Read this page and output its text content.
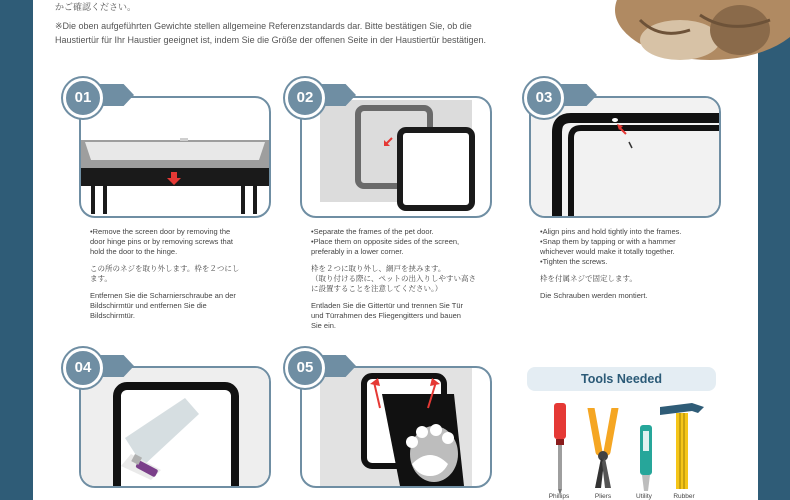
かご確認ください。
※Die oben aufgeführten Gewichte stellen allgemeine Referenzstandards dar. Bitte bestätigen Sie, ob die
Haustiertür für Ihr Haustier geeignet ist, indem Sie die Größe der offenen Seite in der Haustiertür bestätigen.
01

•Remove the screen door by removing the
door hinge pins or by removing screws that
hold the door to the hinge.

この所のネジを取り外します。枠を２つにし
ます。

Entfernen Sie die Scharnierschraube an der
Bildschirmtür und entfernen Sie die
Bildschirmtür.

02

•Separate the frames of the pet door.
•Place them on opposite sides of the screen,
preferably in a lower corner.

枠を２つに取り外し、網戸を挟みます。
（取り付ける際に、ペットの出入りしやすい高さ
に設置することを注意してください。）

Entladen Sie die Gittertür und trennen Sie Tür
und Türrahmen des Fliegengitters und bauen
Sie ein.

03

•Align pins and hold tightly into the frames.
•Snap them by tapping or with a hammer
whichever would make it totally together.
•Tighten the screws.

枠を付属ネジで固定します。

Die Schrauben werden montiert.

04	05
Tools Needed
Phillips	Pliers	Utility	Rubber
